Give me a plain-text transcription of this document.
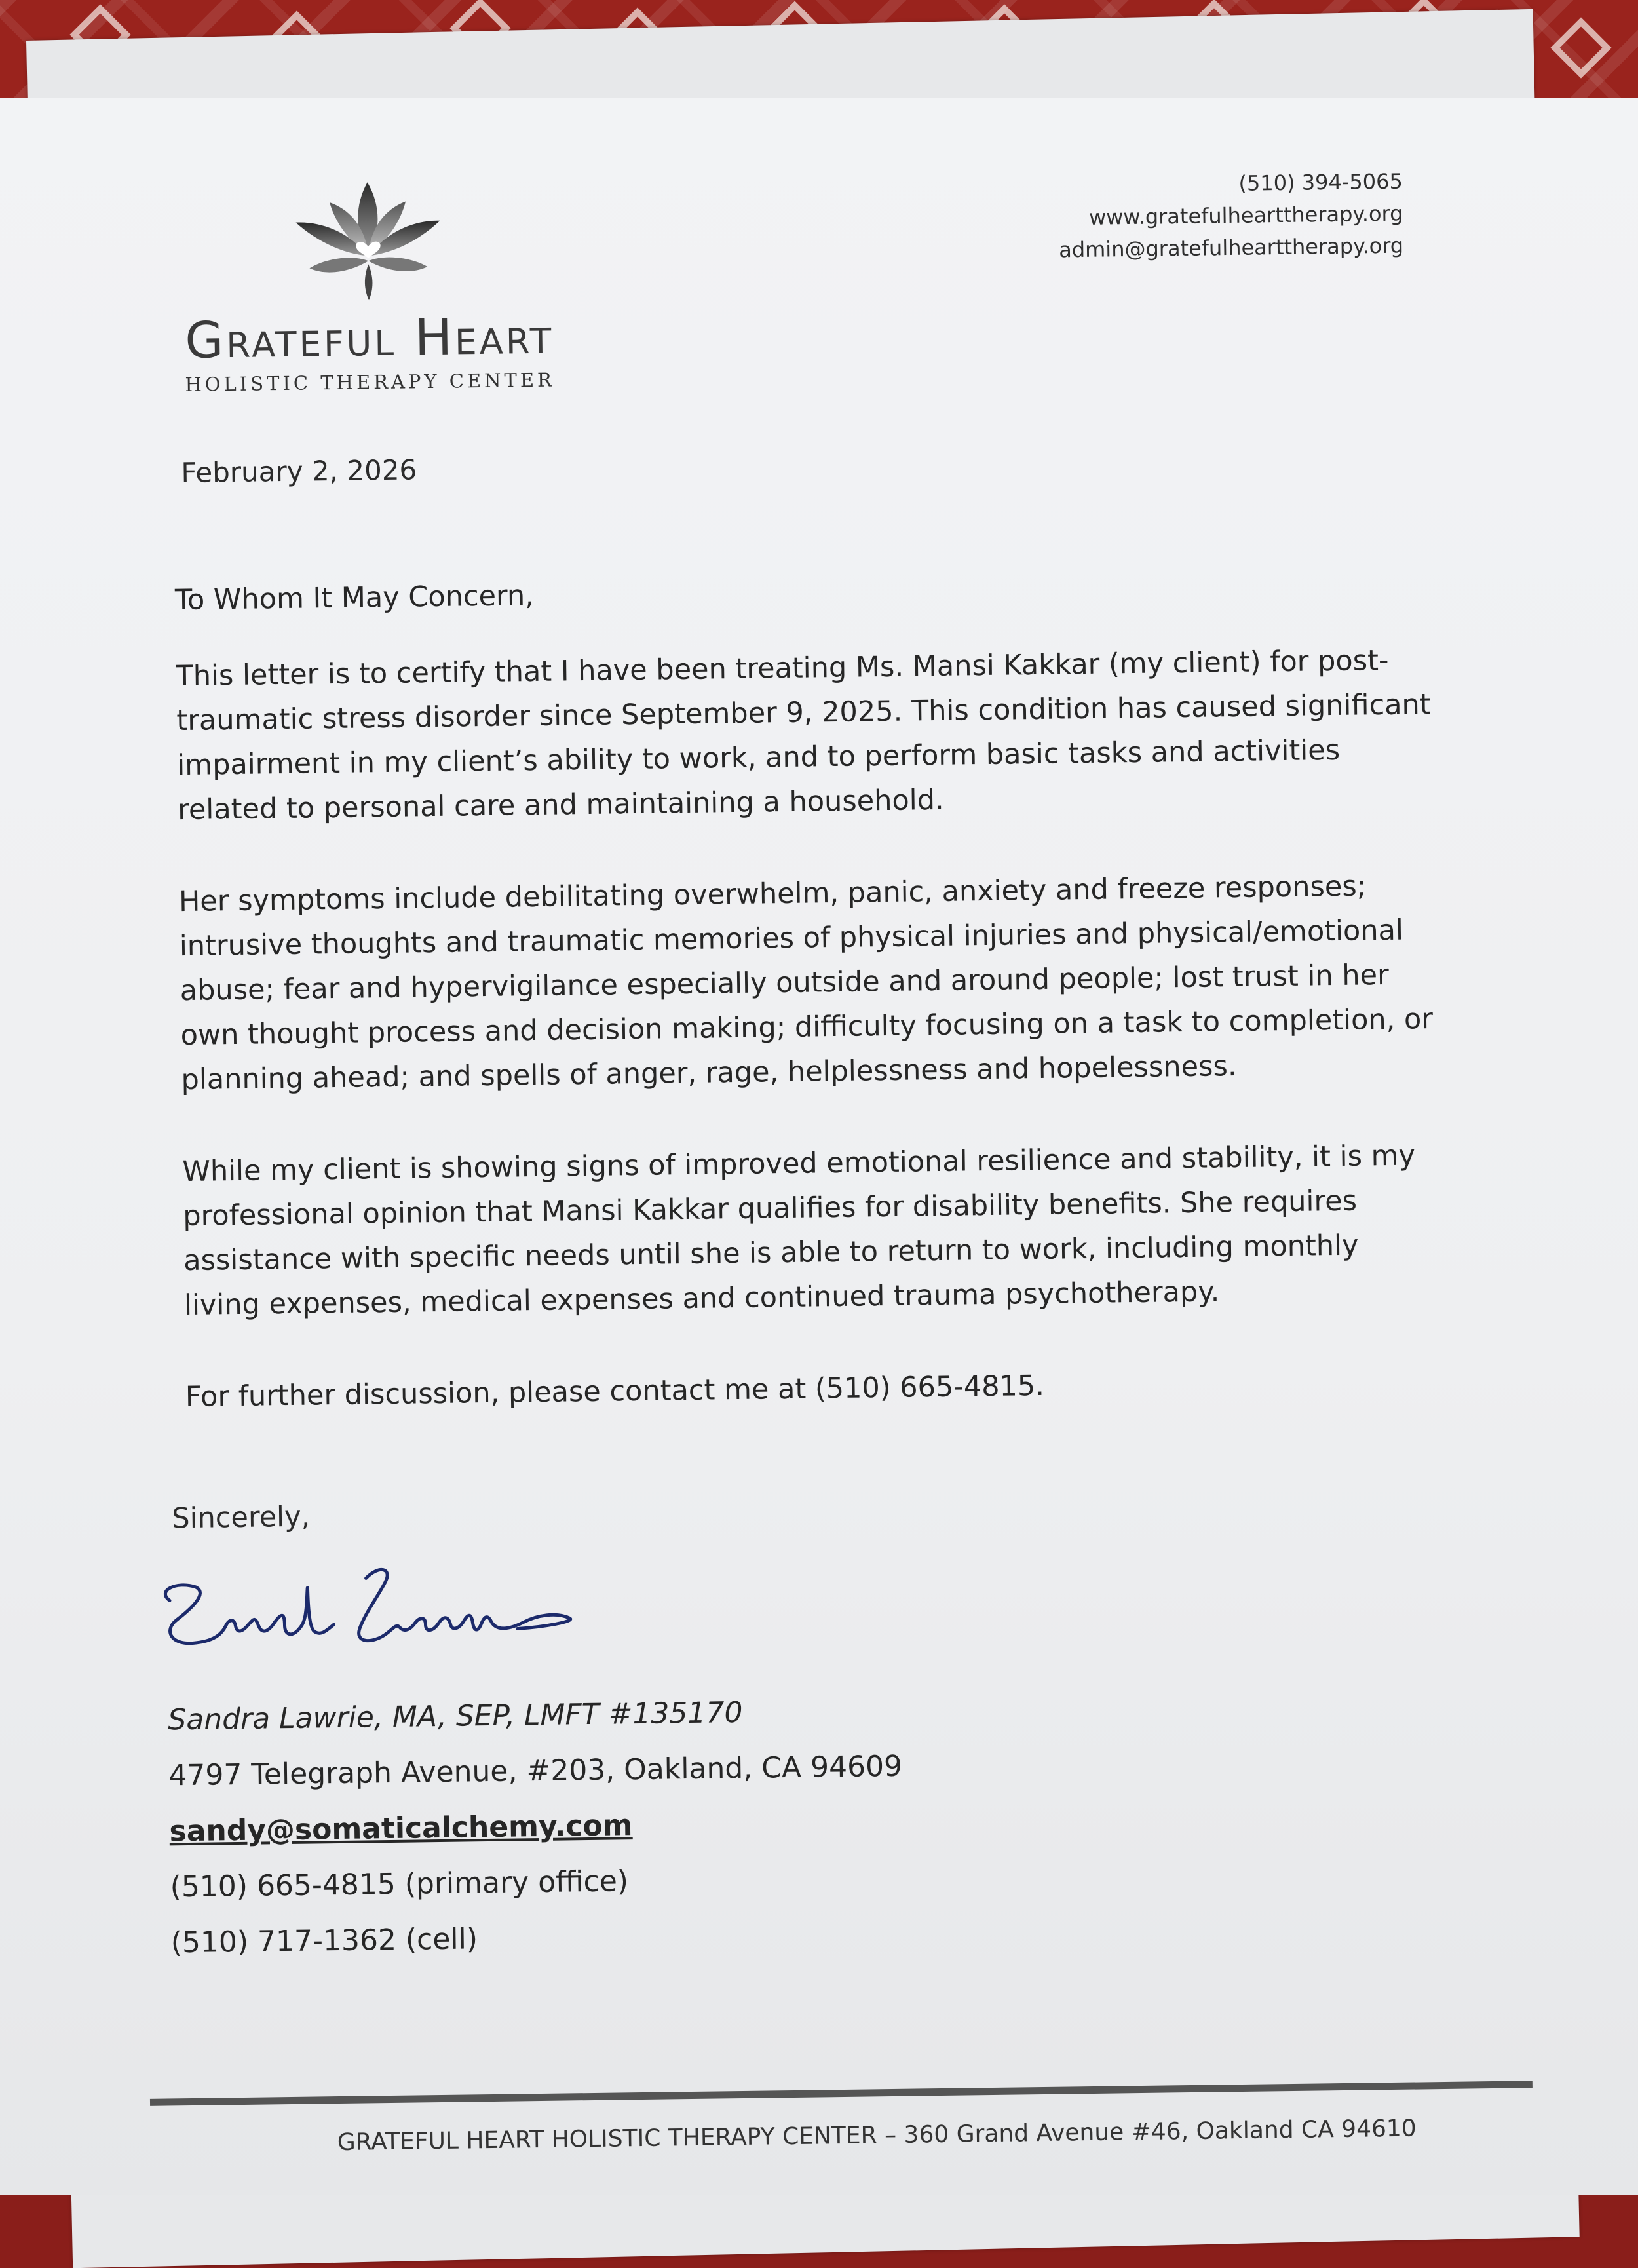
Grateful Heart
HOLISTIC THERAPY CENTER
(510) 394-5065
www.gratefulhearttherapy.org
admin@gratefulhearttherapy.org
February 2, 2026

To Whom It May Concern,

This letter is to certify that I have been treating Ms. Mansi Kakkar (my client) for post-traumatic stress disorder since September 9, 2025. This condition has caused significant impairment in my client’s ability to work, and to perform basic tasks and activities related to personal care and maintaining a household.

Her symptoms include debilitating overwhelm, panic, anxiety and freeze responses; intrusive thoughts and traumatic memories of physical injuries and physical/emotional abuse; fear and hypervigilance especially outside and around people; lost trust in her own thought process and decision making; difficulty focusing on a task to completion, or planning ahead; and spells of anger, rage, helplessness and hopelessness.

While my client is showing signs of improved emotional resilience and stability, it is my professional opinion that Mansi Kakkar qualifies for disability benefits. She requires assistance with specific needs until she is able to return to work, including monthly living expenses, medical expenses and continued trauma psychotherapy.

For further discussion, please contact me at (510) 665-4815.

Sincerely,
Sandra Lawrie, MA, SEP, LMFT #135170
4797 Telegraph Avenue, #203, Oakland, CA 94609
sandy@somaticalchemy.com
(510) 665-4815 (primary office)
(510) 717-1362 (cell)
GRATEFUL HEART HOLISTIC THERAPY CENTER – 360 Grand Avenue #46, Oakland CA 94610
